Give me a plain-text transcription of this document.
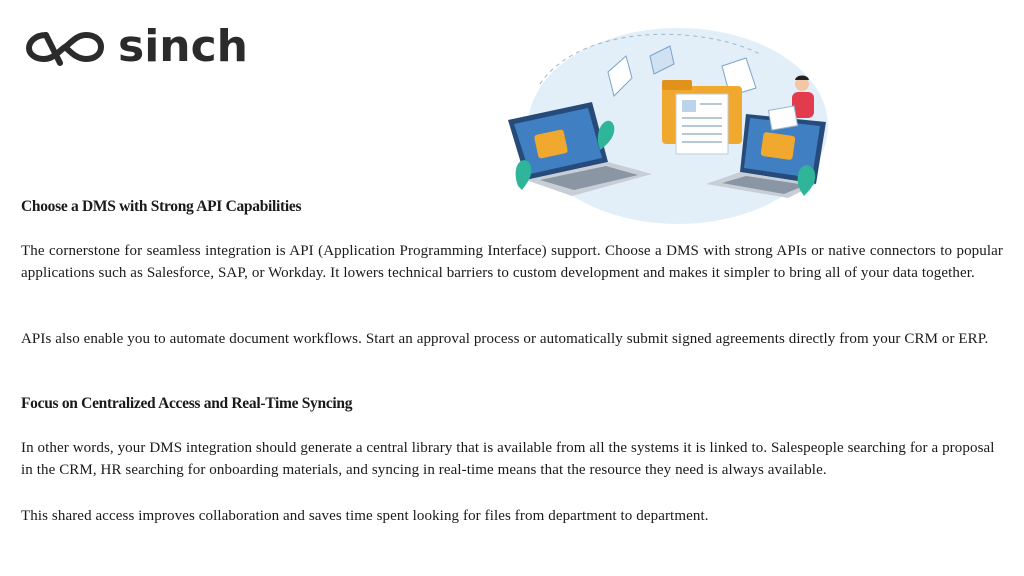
sinch
Choose a DMS with Strong API Capabilities

The cornerstone for seamless integration is API (Application Programming Interface) support. Choose a DMS with strong APIs or native connectors to popular applications such as Salesforce, SAP, or Workday. It lowers technical barriers to custom development and makes it simpler to bring all of your data together.

APIs also enable you to automate document workflows. Start an approval process or automatically submit signed agreements directly from your CRM or ERP.

Focus on Centralized Access and Real-Time Syncing

In other words, your DMS integration should generate a central library that is available from all the systems it is linked to. Salespeople searching for a proposal in the CRM, HR searching for onboarding materials, and syncing in real-time means that the resource they need is always available.

This shared access improves collaboration and saves time spent looking for files from department to department.
